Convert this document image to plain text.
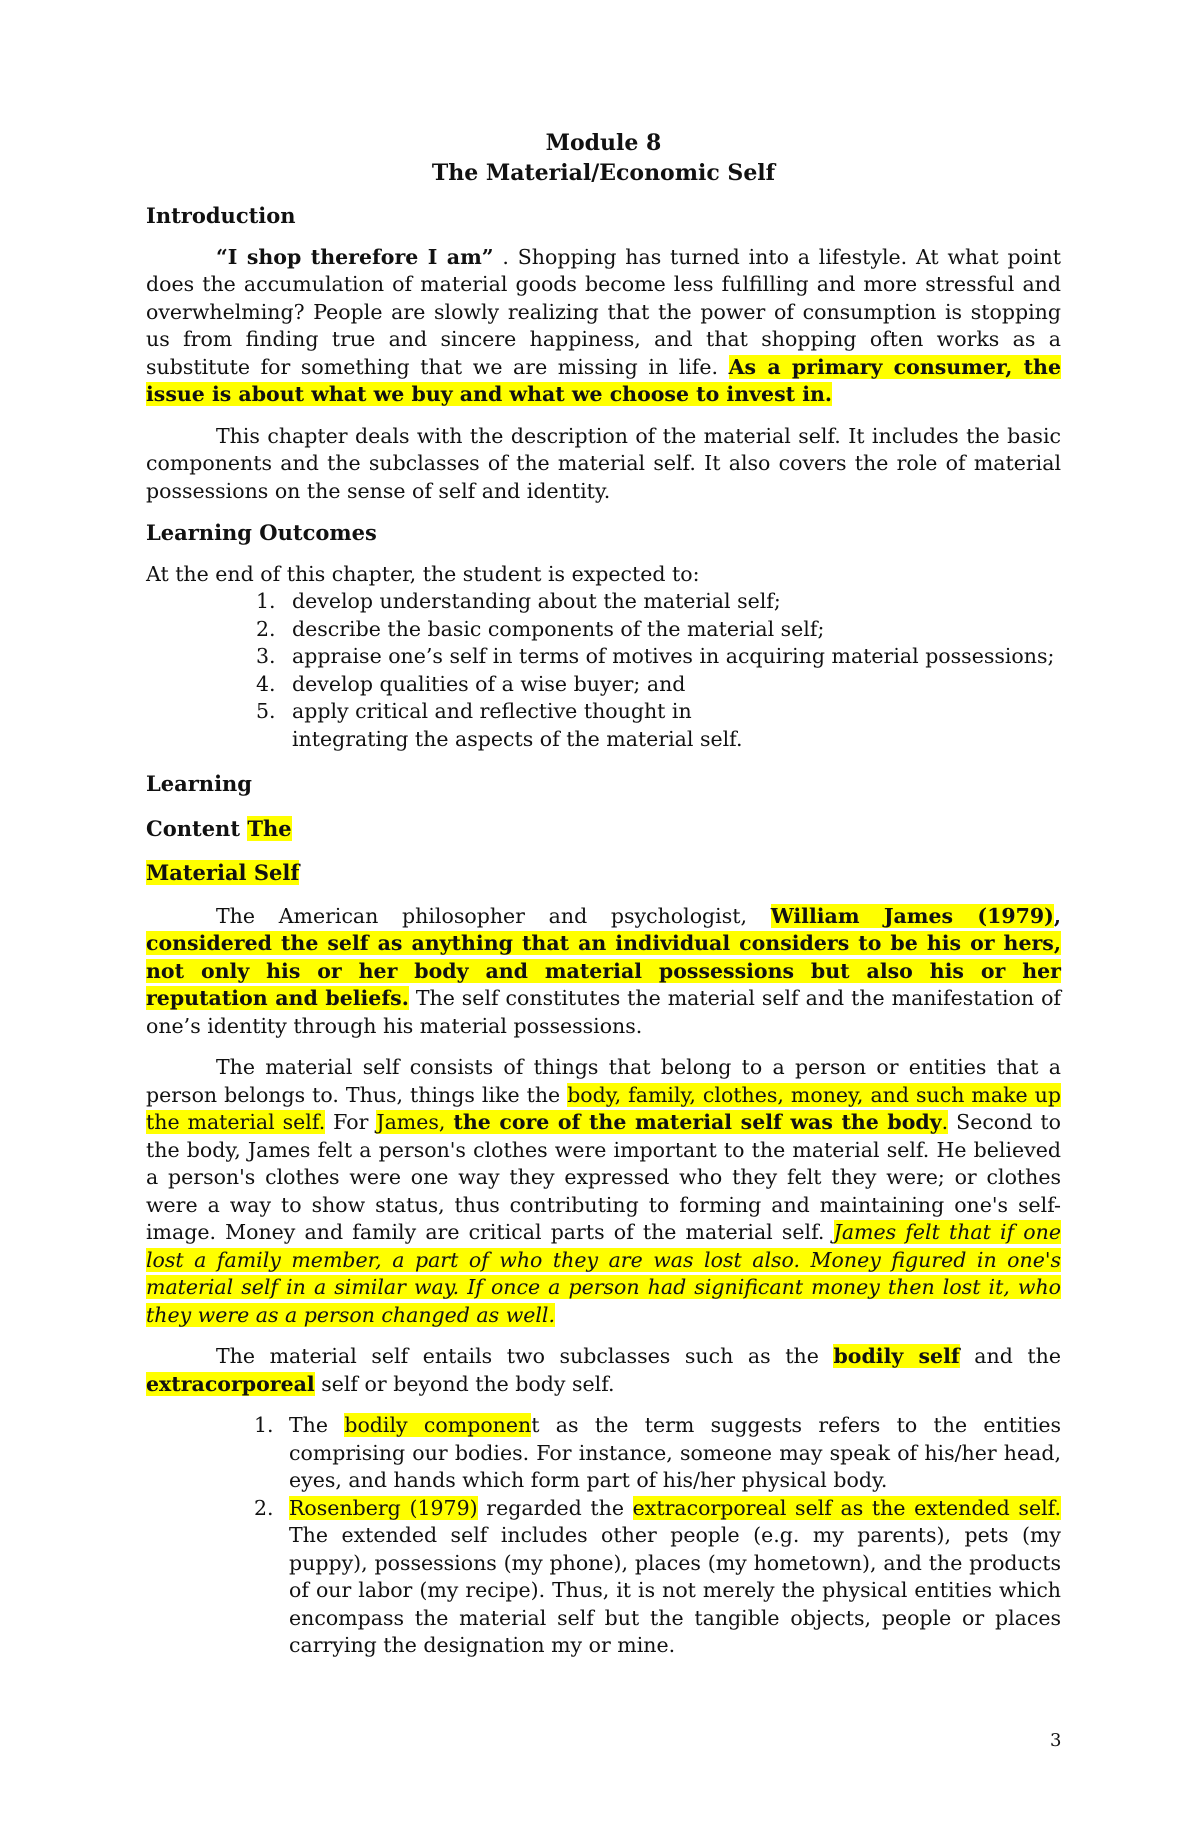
Module 8
The Material/Economic Self

Introduction

“I shop therefore I am” . Shopping has turned into a lifestyle. At what point does the accumulation of material goods become less fulfilling and more stressful and overwhelming? People are slowly realizing that the power of consumption is stopping us from finding true and sincere happiness, and that shopping often works as a substitute for something that we are missing in life. As a primary consumer, the issue is about what we buy and what we choose to invest in.

This chapter deals with the description of the material self. It includes the basic components and the subclasses of the material self. It also covers the role of material possessions on the sense of self and identity.

Learning Outcomes

At the end of this chapter, the student is expected to:

1. develop understanding about the material self;
2. describe the basic components of the material self;
3. appraise one’s self in terms of motives in acquiring material possessions;
4. develop qualities of a wise buyer; and
5. apply critical and reflective thought in integrating the aspects of the material self.

Learning

Content The

Material Self

The American philosopher and psychologist, William James (1979), considered the self as anything that an individual considers to be his or hers, not only his or her body and material possessions but also his or her reputation and beliefs. The self constitutes the material self and the manifestation of one’s identity through his material possessions.

The material self consists of things that belong to a person or entities that a person belongs to. Thus, things like the body, family, clothes, money, and such make up the material self. For James, the core of the material self was the body. Second to the body, James felt a person's clothes were important to the material self. He believed a person's clothes were one way they expressed who they felt they were; or clothes were a way to show status, thus contributing to forming and maintaining one's self-image. Money and family are critical parts of the material self. James felt that if one lost a family member, a part of who they are was lost also. Money figured in one's material self in a similar way. If once a person had significant money then lost it, who they were as a person changed as well.

The material self entails two subclasses such as the bodily self and the extracorporeal self or beyond the body self.

1. The bodily component as the term suggests refers to the entities comprising our bodies. For instance, someone may speak of his/her head, eyes, and hands which form part of his/her physical body.
2. Rosenberg (1979) regarded the extracorporeal self as the extended self. The extended self includes other people (e.g. my parents), pets (my puppy), possessions (my phone), places (my hometown), and the products of our labor (my recipe). Thus, it is not merely the physical entities which encompass the material self but the tangible objects, people or places carrying the designation my or mine.
3
